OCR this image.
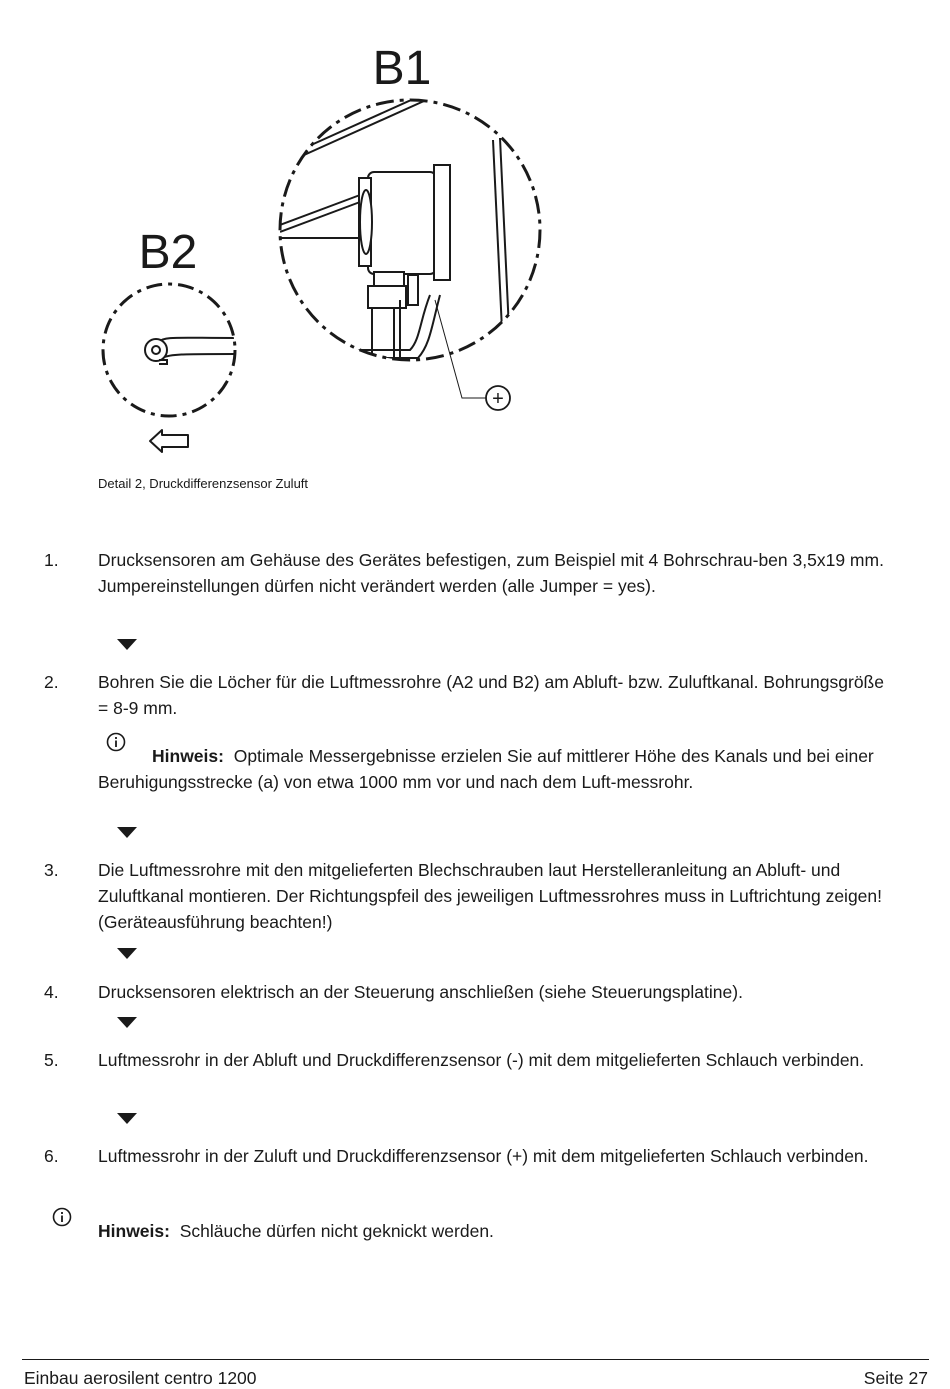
+
B1
B2
Detail 2, Druckdifferenzsensor Zuluft
1. Drucksensoren am Gehäuse des Gerätes befestigen, zum Beispiel mit 4 Bohrschrau-ben 3,5x19 mm. Jumpereinstellungen dürfen nicht verändert werden (alle Jumper = yes).
2. Bohren Sie die Löcher für die Luftmessrohre (A2 und B2) am Abluft- bzw. Zuluftkanal. Bohrungsgröße = 8-9 mm.
Hinweis: Optimale Messergebnisse erzielen Sie auf mittlerer Höhe des Kanals und bei einer Beruhigungsstrecke (a) von etwa 1000 mm vor und nach dem Luft-messrohr.
3. Die Luftmessrohre mit den mitgelieferten Blechschrauben laut Herstelleranleitung an Abluft- und Zuluftkanal montieren. Der Richtungspfeil des jeweiligen Luftmessrohres muss in Luftrichtung zeigen! (Geräteausführung beachten!)
4. Drucksensoren elektrisch an der Steuerung anschließen (siehe Steuerungsplatine).
5. Luftmessrohr in der Abluft und Druckdifferenzsensor (-) mit dem mitgelieferten Schlauch verbinden.
6. Luftmessrohr in der Zuluft und Druckdifferenzsensor (+) mit dem mitgelieferten Schlauch verbinden.
Hinweis: Schläuche dürfen nicht geknickt werden.
Einbau aerosilent centro 1200	Seite 27
